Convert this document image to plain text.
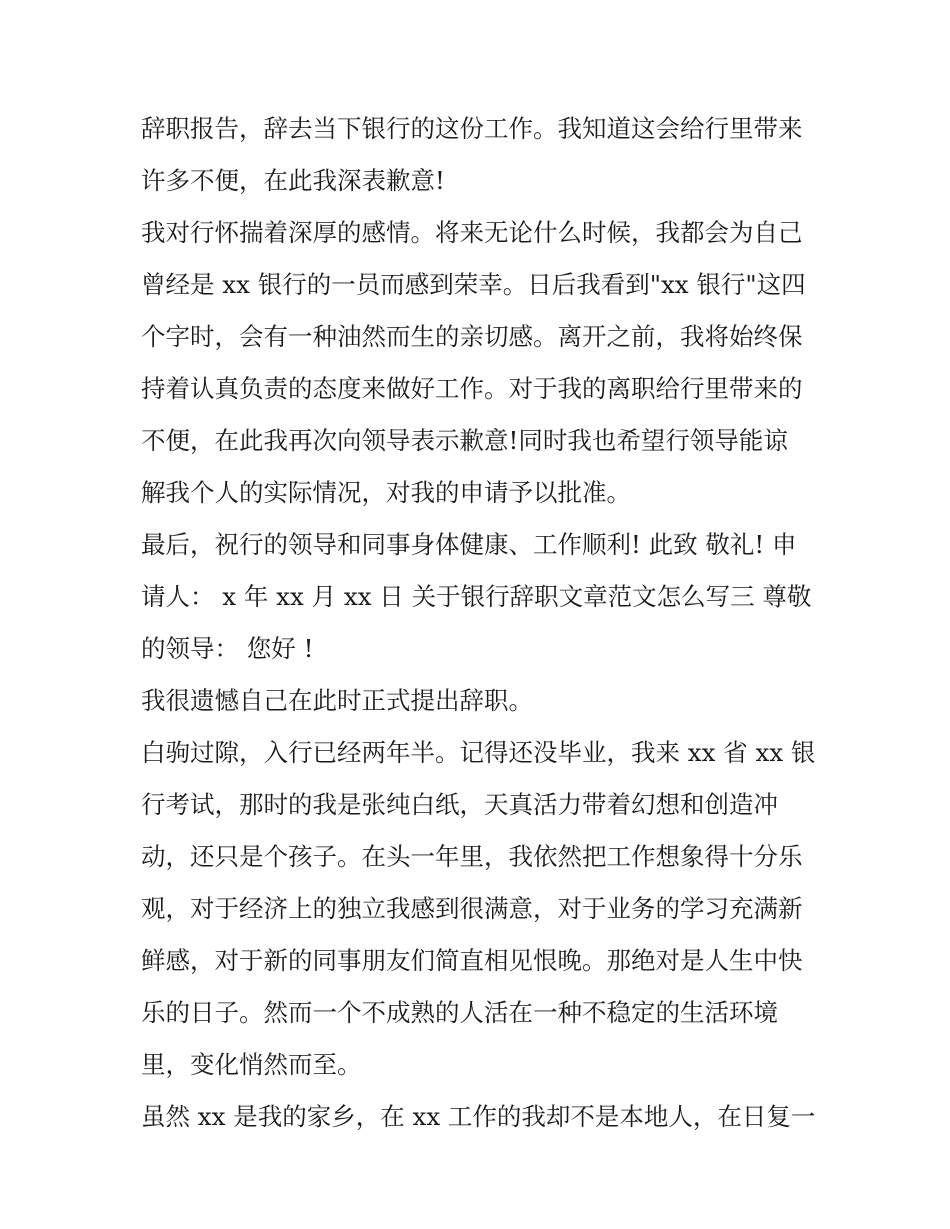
辞职报告，辞去当下银行的这份工作。我知道这会给行里带来
许多不便，在此我深表歉意!
我对行怀揣着深厚的感情。将来无论什么时候，我都会为自己
曾经是 xx 银行的一员而感到荣幸。日后我看到"xx 银行"这四
个字时，会有一种油然而生的亲切感。离开之前，我将始终保
持着认真负责的态度来做好工作。对于我的离职给行里带来的
不便，在此我再次向领导表示歉意!同时我也希望行领导能谅
解我个人的实际情况，对我的申请予以批准。
最后，祝行的领导和同事身体健康、工作顺利! 此致 敬礼! 申
请人： x 年 xx 月 xx 日 关于银行辞职文章范文怎么写三 尊敬
的领导： 您好 !
我很遗憾自己在此时正式提出辞职。
白驹过隙，入行已经两年半。记得还没毕业，我来 xx 省 xx 银
行考试，那时的我是张纯白纸，天真活力带着幻想和创造冲
动，还只是个孩子。在头一年里，我依然把工作想象得十分乐
观，对于经济上的独立我感到很满意，对于业务的学习充满新
鲜感，对于新的同事朋友们简直相见恨晚。那绝对是人生中快
乐的日子。然而一个不成熟的人活在一种不稳定的生活环境
里，变化悄然而至。
虽然 xx 是我的家乡，在 xx 工作的我却不是本地人，在日复一
